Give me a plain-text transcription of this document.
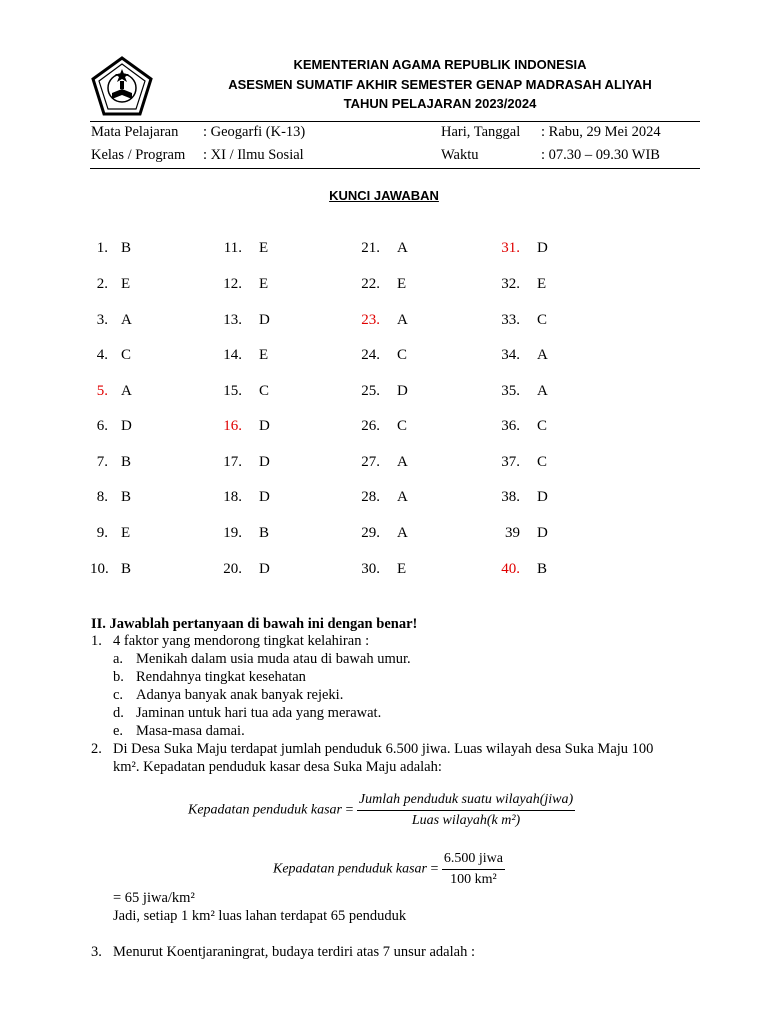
KEMENTERIAN AGAMA REPUBLIK INDONESIA
ASESMEN SUMATIF AKHIR SEMESTER GENAP MADRASAH ALIYAH
TAHUN PELAJARAN 2023/2024
Mata Pelajaran : Geogarfi (K-13)	Hari, Tanggal : Rabu, 29 Mei 2024
Kelas / Program : XI / Ilmu Sosial	Waktu	: 07.30 – 09.30 WIB
KUNCI JAWABAN
1. B
2. E
3. A
4. C
5. A
6. D
7. B
8. B
9. E
10. B
11. E
12. E
13. D
14. E
15. C
16. D
17. D
18. D
19. B
20. D
21. A
22. E
23. A
24. C
25. D
26. C
27. A
28. A
29. A
30. E
31. D
32. E
33. C
34. A
35. A
36. C
37. C
38. D
39 D
40. B
II. Jawablah pertanyaan di bawah ini dengan benar!
1. 4 faktor yang mendorong tingkat kelahiran :
a. Menikah dalam usia muda atau di bawah umur.
b. Rendahnya tingkat kesehatan
c. Adanya banyak anak banyak rejeki.
d. Jaminan untuk hari tua ada yang merawat.
e. Masa-masa damai.
2. Di Desa Suka Maju terdapat jumlah penduduk 6.500 jiwa. Luas wilayah desa Suka Maju 100
km². Kepadatan penduduk kasar desa Suka Maju adalah:
Kepadatan penduduk kasar = $\frac{\text{Jumlah penduduk suatu wilayah(jiwa)}}{\text{Luas wilayah(k m²)}}$
Kepadatan penduduk kasar = $\frac{\text{6.500 jiwa}}{\text{100 km²}}$
= 65 jiwa/km²
Jadi, setiap 1 km² luas lahan terdapat 65 penduduk
3. Menurut Koentjaraningrat, budaya terdiri atas 7 unsur adalah :
